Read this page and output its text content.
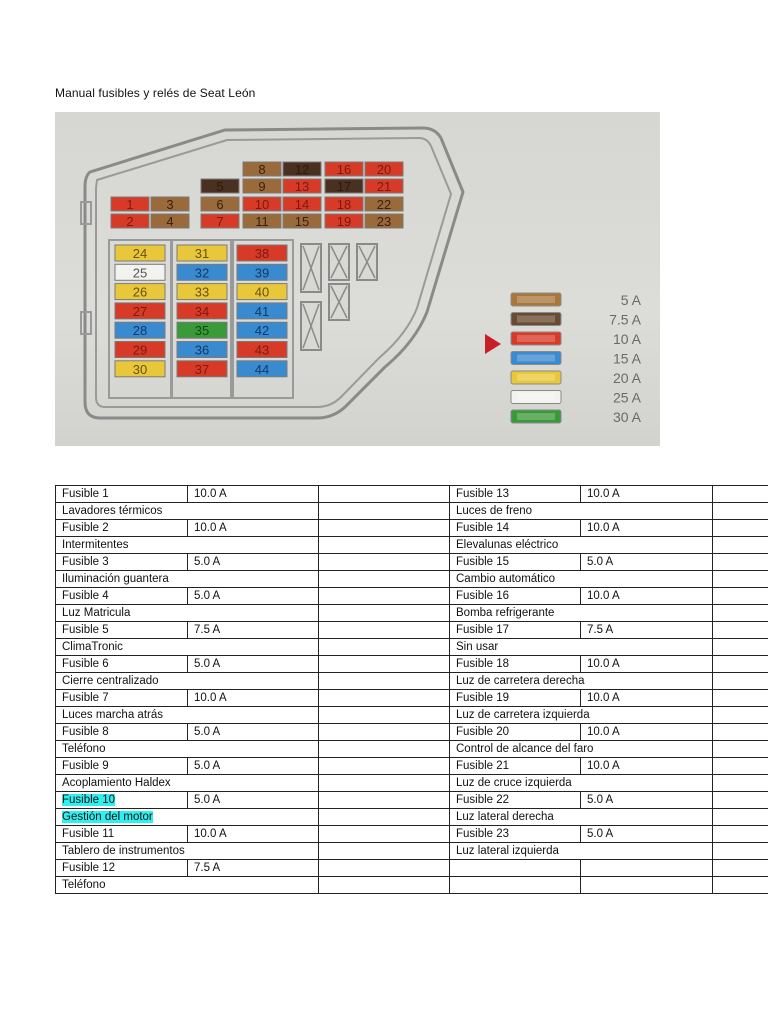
Manual fusibles y relés de Seat León
8 12 16 20
5	9 13 17 21
1	3	6 10 14 18 22
2	4	7 11 15 19 23
24
25
26
27
28
29
30
31
32
33
34
35
36
37
38
39
40
41
42
43
44
5 A
7.5 A
10 A
15 A
20 A
25 A
30 A
Fusible 1	10.0 A		Fusible 13	10.0 A	
Lavadores térmicos			Luces de freno		
Fusible 2	10.0 A		Fusible 14	10.0 A	
Intermitentes			Elevalunas eléctrico		
Fusible 3	5.0 A		Fusible 15	5.0 A	
Iluminación guantera			Cambio automático		
Fusible 4	5.0 A		Fusible 16	10.0 A	
Luz Matricula			Bomba refrigerante		
Fusible 5	7.5 A		Fusible 17	7.5 A	
ClimaTronic			Sin usar		
Fusible 6	5.0 A		Fusible 18	10.0 A	
Cierre centralizado			Luz de carretera derecha		
Fusible 7	10.0 A		Fusible 19	10.0 A	
Luces marcha atrás			Luz de carretera izquierda		
Fusible 8	5.0 A		Fusible 20	10.0 A	
Teléfono			Control de alcance del faro		
Fusible 9	5.0 A		Fusible 21	10.0 A	
Acoplamiento Haldex			Luz de cruce izquierda		
Fusible 10	5.0 A		Fusible 22	5.0 A	
Gestión del motor			Luz lateral derecha		
Fusible 11	10.0 A		Fusible 23	5.0 A	
Tablero de instrumentos			Luz lateral izquierda		
Fusible 12	7.5 A				
Teléfono					
